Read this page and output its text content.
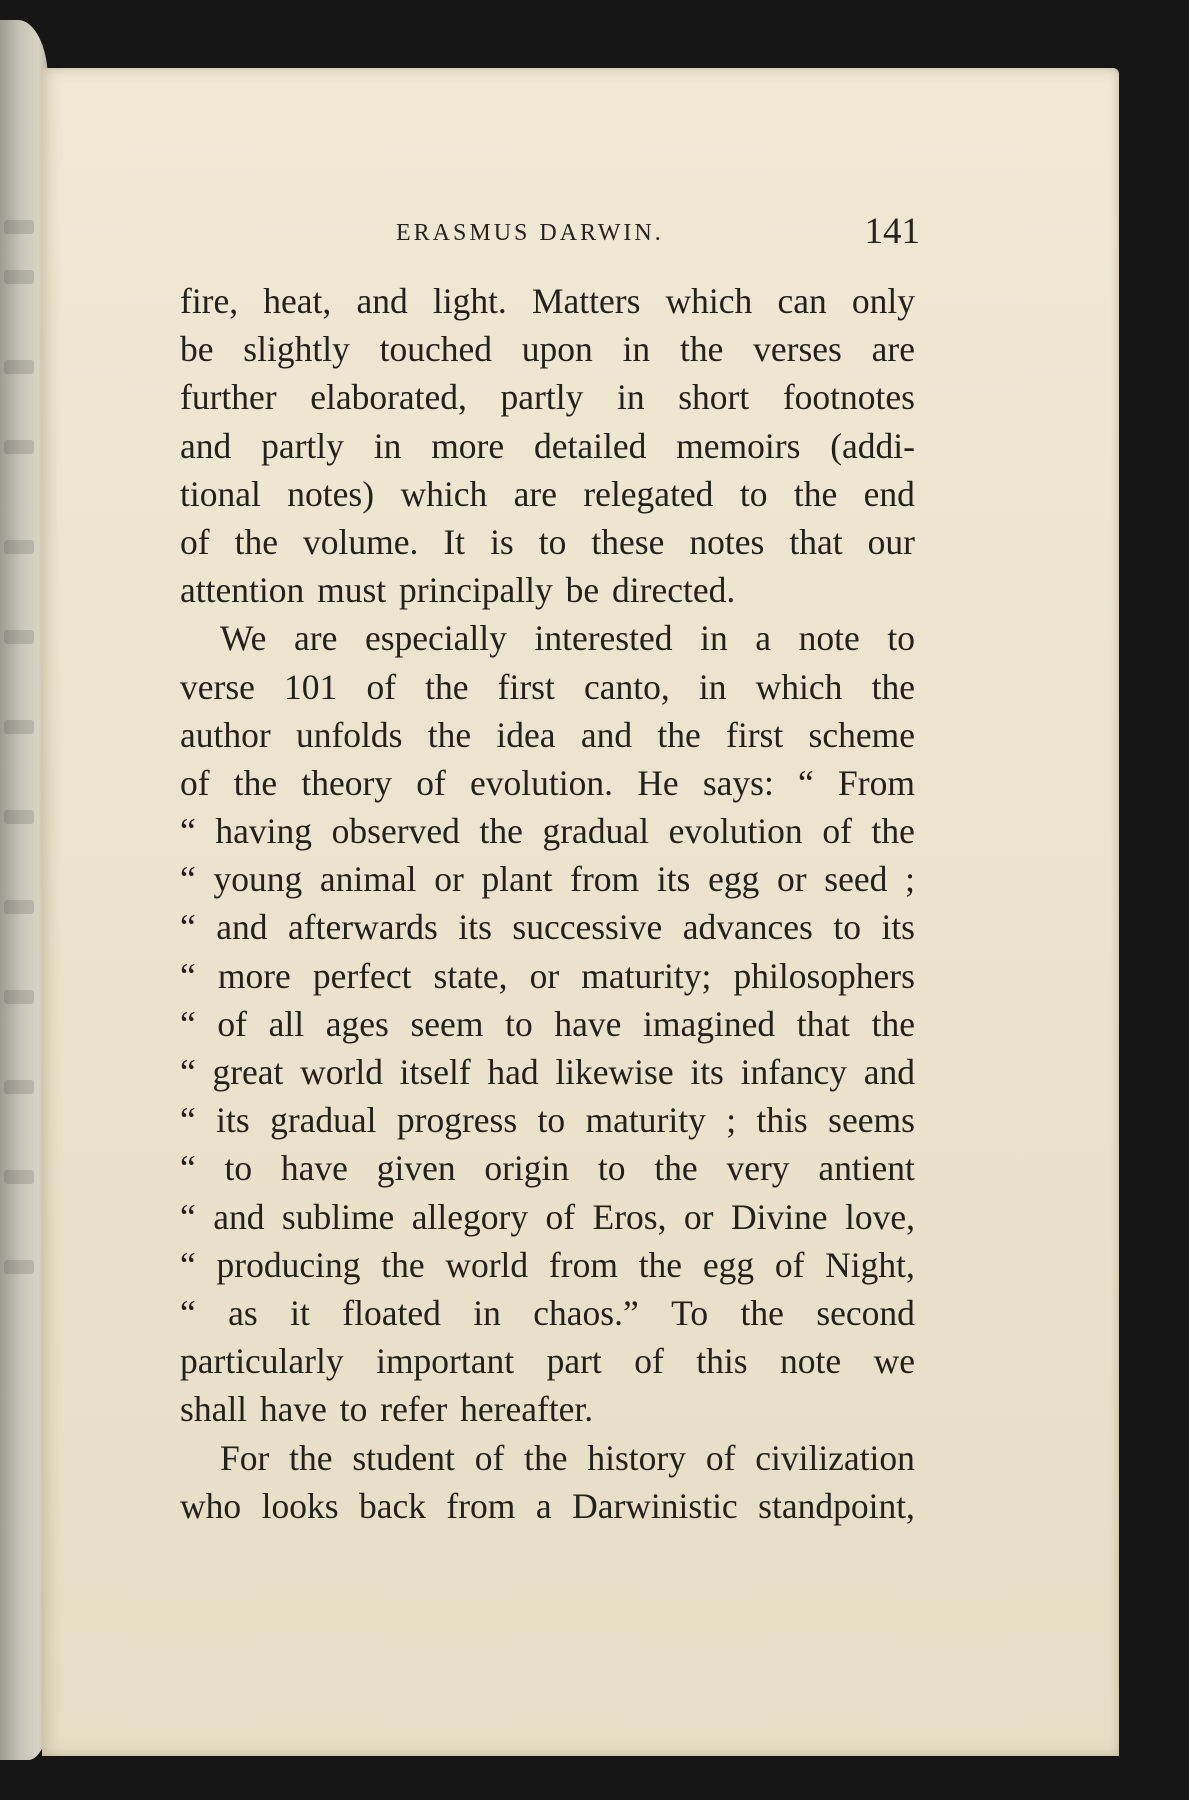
ERASMUS DARWIN.	141
fire, heat, and light. Matters which can only
be slightly touched upon in the verses are
further elaborated, partly in short footnotes
and partly in more detailed memoirs (addi-
tional notes) which are relegated to the end
of the volume. It is to these notes that our
attention must principally be directed.
We are especially interested in a note to
verse 101 of the first canto, in which the
author unfolds the idea and the first scheme
of the theory of evolution. He says: “ From
“ having observed the gradual evolution of the
“ young animal or plant from its egg or seed ;
“ and afterwards its successive advances to its
“ more perfect state, or maturity; philosophers
“ of all ages seem to have imagined that the
“ great world itself had likewise its infancy and
“ its gradual progress to maturity ; this seems
“ to have given origin to the very antient
“ and sublime allegory of Eros, or Divine love,
“ producing the world from the egg of Night,
“ as it floated in chaos.” To the second
particularly important part of this note we
shall have to refer hereafter.
For the student of the history of civilization
who looks back from a Darwinistic standpoint,
